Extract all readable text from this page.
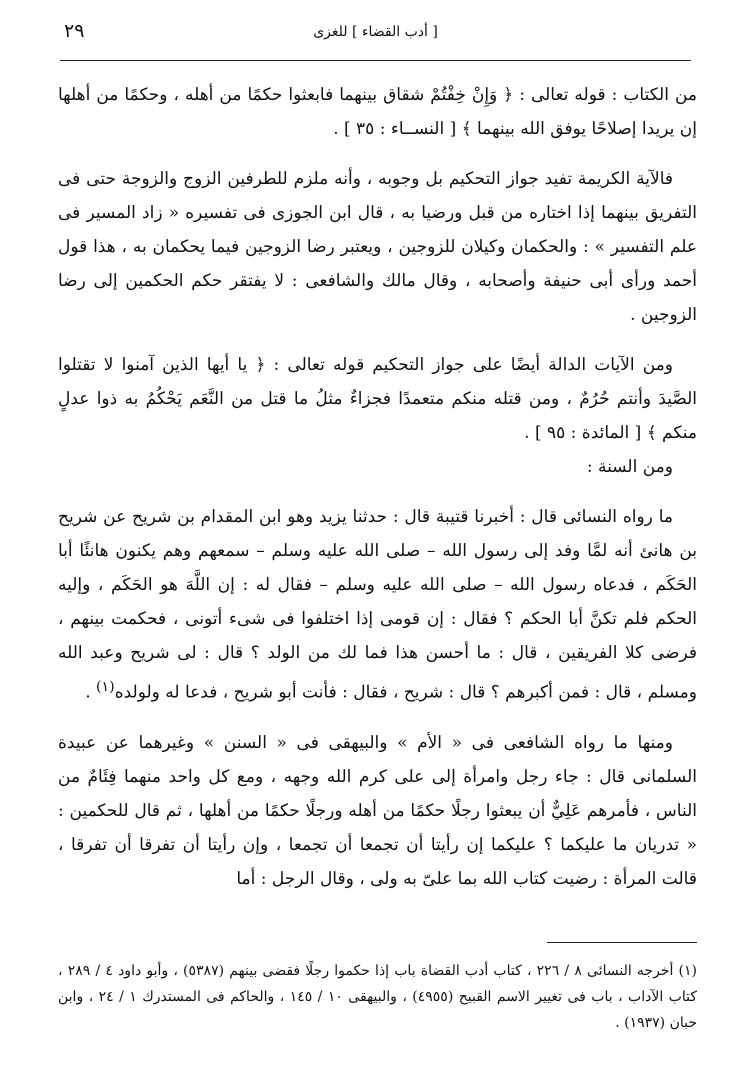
٢٩	[ أدب القضاء ] للغزى

من الكتاب : قوله تعالى : ﴿ وَإِنْ خِفْتُمْ شقاق بينهما فابعثوا حكمًا من أهله ، وحكمًا من أهلها إن يريدا إصلاحًا يوفق الله بينهما ﴾ [ النســاء : ٣٥ ] .

فالآية الكريمة تفيد جواز التحكيم بل وجوبه ، وأنه ملزم للطرفين الزوج والزوجة حتى فى التفريق بينهما إذا اختاره من قبل ورضيا به ، قال ابن الجوزى فى تفسيره « زاد المسير فى علم التفسير » : والحكمان وكيلان للزوجين ، ويعتبر رضا الزوجين فيما يحكمان به ، هذا قول أحمد ورأى أبى حنيفة وأصحابه ، وقال مالك والشافعى : لا يفتقر حكم الحكمين إلى رضا الزوجين .

ومن الآيات الدالة أيضًا على جواز التحكيم قوله تعالى : ﴿ يا أيها الذين آمنوا لا تقتلوا الصَّيدَ وأنتم حُرُمٌ ، ومن قتله منكم متعمدًا فجزاءٌ مثلُ ما قتل من النَّعَم يَحْكُمُ به ذوا عدلٍ منكم ﴾ [ المائدة : ٩٥ ] .

ومن السنة :

ما رواه النسائى قال : أخبرنا قتيبة قال : حدثنا يزيد وهو ابن المقدام بن شريح عن شريح بن هانئ أنه لمَّا وفد إلى رسول الله – صلى الله عليه وسلم – سمعهم وهم يكنون هانئًا أبا الحَكَم ، فدعاه رسول الله – صلى الله عليه وسلم – فقال له : إن اللَّهَ هو الحَكَم ، وإليه الحكم فلم تكنَّ أبا الحكم ؟ فقال : إن قومى إذا اختلفوا فى شىء أتونى ، فحكمت بينهم ، فرضى كلا الفريقين ، قال : ما أحسن هذا فما لك من الولد ؟ قال : لى شريح وعبد الله ومسلم ، قال : فمن أكبرهم ؟ قال : شريح ، فقال : فأنت أبو شريح ، فدعا له ولولده$^{(١)}$ .

ومنها ما رواه الشافعى فى « الأم » والبيهقى فى « السنن » وغيرهما عن عبيدة السلمانى قال : جاء رجل وامرأة إلى على كرم الله وجهه ، ومع كل واحد منهما فِئَامٌ من الناس ، فأمرهم عَلِيٌّ أن يبعثوا رجلًا حكمًا من أهله ورجلًا حكمًا من أهلها ، ثم قال للحكمين : « تدريان ما عليكما ؟ عليكما إن رأيتا أن تجمعا أن تجمعا ، وإن رأيتا أن تفرقا أن تفرقا ، قالت المرأة : رضيت كتاب الله بما علىّ به ولى ، وقال الرجل : أما

(١) أخرجه النسائى ٨ / ٢٢٦ ، كتاب أدب القضاة باب إذا حكموا رجلًا فقضى بينهم (٥٣٨٧) ، وأبو داود ٤ / ٢٨٩ ، كتاب الآداب ، باب فى تغيير الاسم القبيح (٤٩٥٥) ، والبيهقى ١٠ / ١٤٥ ، والحاكم فى المستدرك ١ / ٢٤ ، وابن حبان (١٩٣٧) .
